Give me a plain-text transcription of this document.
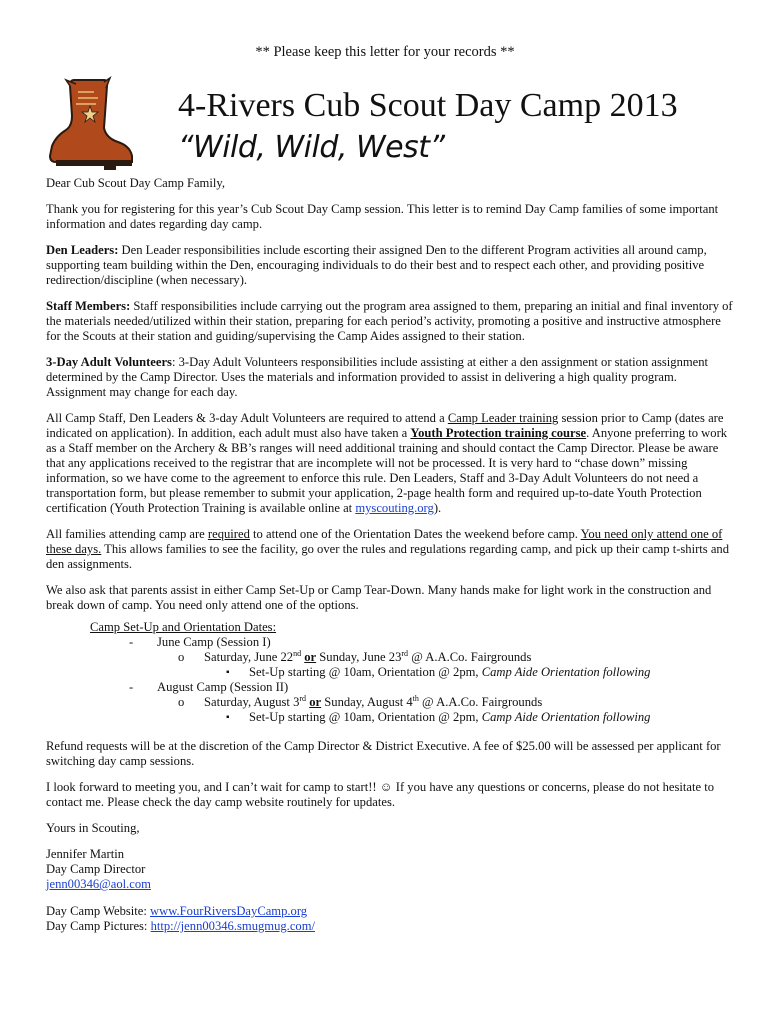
** Please keep this letter for your records **
4-Rivers Cub Scout Day Camp 2013
“Wild, Wild, West”

Dear Cub Scout Day Camp Family,

Thank you for registering for this year’s Cub Scout Day Camp session. This letter is to remind Day Camp families of some important information and dates regarding day camp.

Den Leaders: Den Leader responsibilities include escorting their assigned Den to the different Program activities all around camp, supporting team building within the Den, encouraging individuals to do their best and to respect each other, and providing positive redirection/discipline (when necessary).

Staff Members: Staff responsibilities include carrying out the program area assigned to them, preparing an initial and final inventory of the materials needed/utilized within their station, preparing for each period’s activity, promoting a positive and instructive atmosphere for the Scouts at their station and guiding/supervising the Camp Aides assigned to their station.

3-Day Adult Volunteers: 3-Day Adult Volunteers responsibilities include assisting at either a den assignment or station assignment determined by the Camp Director. Uses the materials and information provided to assist in delivering a high quality program. Assignment may change for each day.

All Camp Staff, Den Leaders & 3-day Adult Volunteers are required to attend a Camp Leader training session prior to Camp (dates are indicated on application). In addition, each adult must also have taken a Youth Protection training course. Anyone preferring to work as a Staff member on the Archery & BB’s ranges will need additional training and should contact the Camp Director. Please be aware that any applications received to the registrar that are incomplete will not be processed. It is very hard to “chase down” missing information, so we have come to the agreement to enforce this rule. Den Leaders, Staff and 3-Day Adult Volunteers do not need a transportation form, but please remember to submit your application, 2-page health form and required up-to-date Youth Protection certification (Youth Protection Training is available online at myscouting.org).

All families attending camp are required to attend one of the Orientation Dates the weekend before camp. You need only attend one of these days. This allows families to see the facility, go over the rules and regulations regarding camp, and pick up their camp t-shirts and den assignments.

We also ask that parents assist in either Camp Set-Up or Camp Tear-Down. Many hands make for light work in the construction and break down of camp. You need only attend one of the options.

Camp Set-Up and Orientation Dates:
- June Camp (Session I)
o Saturday, June 22nd or Sunday, June 23rd @ A.A.Co. Fairgrounds
▪ Set-Up starting @ 10am, Orientation @ 2pm, Camp Aide Orientation following
- August Camp (Session II)
o Saturday, August 3rd or Sunday, August 4th @ A.A.Co. Fairgrounds
▪ Set-Up starting @ 10am, Orientation @ 2pm, Camp Aide Orientation following

Refund requests will be at the discretion of the Camp Director & District Executive. A fee of $25.00 will be assessed per applicant for switching day camp sessions.

I look forward to meeting you, and I can’t wait for camp to start!! ☺ If you have any questions or concerns, please do not hesitate to contact me. Please check the day camp website routinely for updates.

Yours in Scouting,

Jennifer Martin
Day Camp Director
jenn00346@aol.com
Day Camp Website: www.FourRiversDayCamp.org
Day Camp Pictures: http://jenn00346.smugmug.com/
